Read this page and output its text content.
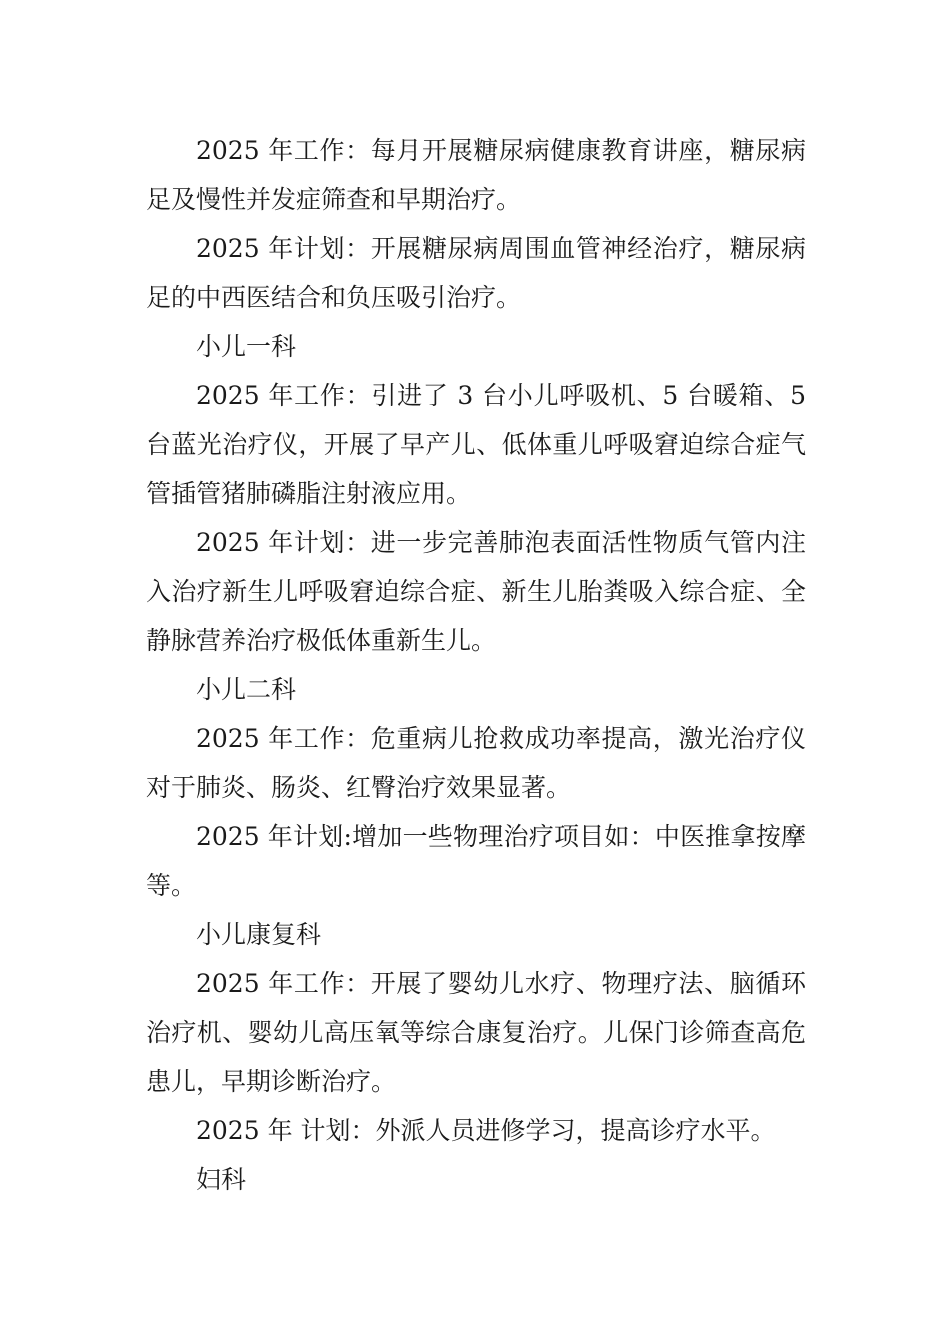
2025 年工作：每月开展糖尿病健康教育讲座，糖尿病足及慢性并发症筛查和早期治疗。

2025 年计划：开展糖尿病周围血管神经治疗，糖尿病足的中西医结合和负压吸引治疗。

小儿一科

2025 年工作：引进了 3 台小儿呼吸机、5 台暖箱、5 台蓝光治疗仪，开展了早产儿、低体重儿呼吸窘迫综合症气管插管猪肺磷脂注射液应用。

2025 年计划：进一步完善肺泡表面活性物质气管内注入治疗新生儿呼吸窘迫综合症、新生儿胎粪吸入综合症、全静脉营养治疗极低体重新生儿。

小儿二科

2025 年工作：危重病儿抢救成功率提高，激光治疗仪对于肺炎、肠炎、红臀治疗效果显著。

2025 年计划:增加一些物理治疗项目如：中医推拿按摩等。

小儿康复科

2025 年工作：开展了婴幼儿水疗、物理疗法、脑循环治疗机、婴幼儿高压氧等综合康复治疗。儿保门诊筛查高危患儿，早期诊断治疗。

2025 年 计划：外派人员进修学习，提高诊疗水平。

妇科
